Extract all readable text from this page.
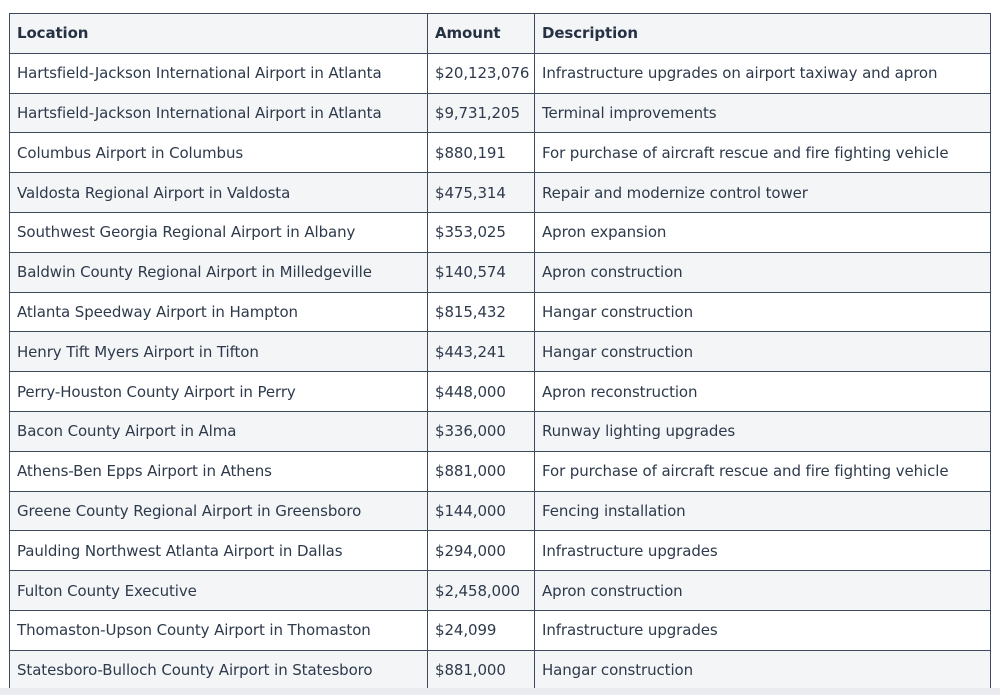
Location	Amount	Description
Hartsfield-Jackson International Airport in Atlanta	$20,123,076	Infrastructure upgrades on airport taxiway and apron
Hartsfield-Jackson International Airport in Atlanta	$9,731,205	Terminal improvements
Columbus Airport in Columbus	$880,191	For purchase of aircraft rescue and fire fighting vehicle
Valdosta Regional Airport in Valdosta	$475,314	Repair and modernize control tower
Southwest Georgia Regional Airport in Albany	$353,025	Apron expansion
Baldwin County Regional Airport in Milledgeville	$140,574	Apron construction
Atlanta Speedway Airport in Hampton	$815,432	Hangar construction
Henry Tift Myers Airport in Tifton	$443,241	Hangar construction
Perry-Houston County Airport in Perry	$448,000	Apron reconstruction
Bacon County Airport in Alma	$336,000	Runway lighting upgrades
Athens-Ben Epps Airport in Athens	$881,000	For purchase of aircraft rescue and fire fighting vehicle
Greene County Regional Airport in Greensboro	$144,000	Fencing installation
Paulding Northwest Atlanta Airport in Dallas	$294,000	Infrastructure upgrades
Fulton County Executive	$2,458,000	Apron construction
Thomaston-Upson County Airport in Thomaston	$24,099	Infrastructure upgrades
Statesboro-Bulloch County Airport in Statesboro	$881,000	Hangar construction
